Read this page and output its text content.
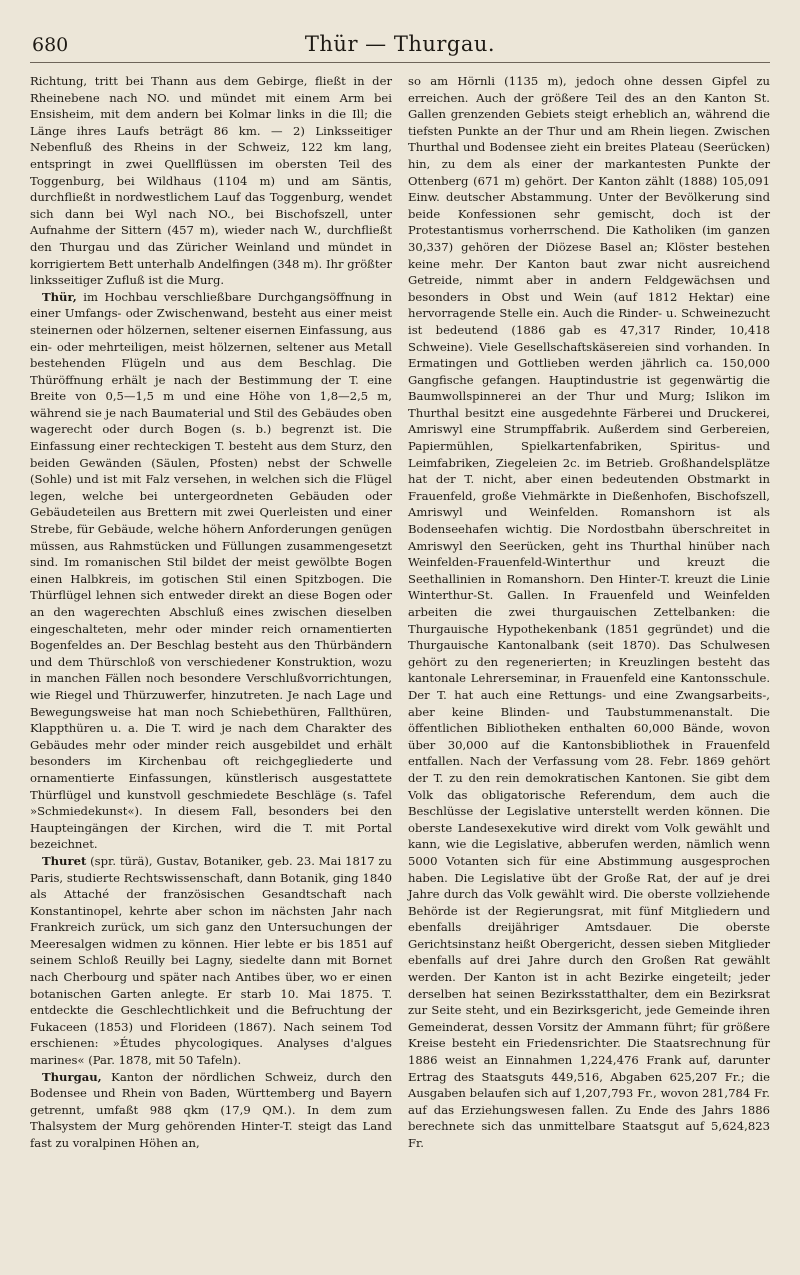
680	Thür — Thurgau.

Richtung, tritt bei Thann aus dem Gebirge, fließt in der Rheinebene nach NO. und mündet mit einem Arm bei Ensisheim, mit dem andern bei Kolmar links in die Ill; die Länge ihres Laufs beträgt 86 km. — 2) Linksseitiger Nebenfluß des Rheins in der Schweiz, 122 km lang, entspringt in zwei Quellflüssen im obersten Teil des Toggenburg, bei Wildhaus (1104 m) und am Säntis, durchfließt in nordwestlichem Lauf das Toggenburg, wendet sich dann bei Wyl nach NO., bei Bischofszell, unter Aufnahme der Sittern (457 m), wieder nach W., durchfließt den Thurgau und das Züricher Weinland und mündet in korrigiertem Bett unterhalb Andelfingen (348 m). Ihr größter linksseitiger Zufluß ist die Murg.

Thür, im Hochbau verschließbare Durchgangsöffnung in einer Umfangs- oder Zwischenwand, besteht aus einer meist steinernen oder hölzernen, seltener eisernen Einfassung, aus ein- oder mehrteiligen, meist hölzernen, seltener aus Metall bestehenden Flügeln und aus dem Beschlag. Die Thüröffnung erhält je nach der Bestimmung der T. eine Breite von 0,5—1,5 m und eine Höhe von 1,8—2,5 m, während sie je nach Baumaterial und Stil des Gebäudes oben wagerecht oder durch Bogen (s. b.) begrenzt ist. Die Einfassung einer rechteckigen T. besteht aus dem Sturz, den beiden Gewänden (Säulen, Pfosten) nebst der Schwelle (Sohle) und ist mit Falz versehen, in welchen sich die Flügel legen, welche bei untergeordneten Gebäuden oder Gebäudeteilen aus Brettern mit zwei Querleisten und einer Strebe, für Gebäude, welche höhern Anforderungen genügen müssen, aus Rahmstücken und Füllungen zusammengesetzt sind. Im romanischen Stil bildet der meist gewölbte Bogen einen Halbkreis, im gotischen Stil einen Spitzbogen. Die Thürflügel lehnen sich entweder direkt an diese Bogen oder an den wagerechten Abschluß eines zwischen dieselben eingeschalteten, mehr oder minder reich ornamentierten Bogenfeldes an. Der Beschlag besteht aus den Thürbändern und dem Thürschloß von verschiedener Konstruktion, wozu in manchen Fällen noch besondere Verschlußvorrichtungen, wie Riegel und Thürzuwerfer, hinzutreten. Je nach Lage und Bewegungsweise hat man noch Schiebethüren, Fallthüren, Klappthüren u. a. Die T. wird je nach dem Charakter des Gebäudes mehr oder minder reich ausgebildet und erhält besonders im Kirchenbau oft reichgegliederte und ornamentierte Einfassungen, künstlerisch ausgestattete Thürflügel und kunstvoll geschmiedete Beschläge (s. Tafel »Schmiedekunst«). In diesem Fall, besonders bei den Haupteingängen der Kirchen, wird die T. mit Portal bezeichnet.

Thuret (spr. türä), Gustav, Botaniker, geb. 23. Mai 1817 zu Paris, studierte Rechtswissenschaft, dann Botanik, ging 1840 als Attaché der französischen Gesandtschaft nach Konstantinopel, kehrte aber schon im nächsten Jahr nach Frankreich zurück, um sich ganz den Untersuchungen der Meeresalgen widmen zu können. Hier lebte er bis 1851 auf seinem Schloß Reuilly bei Lagny, siedelte dann mit Bornet nach Cherbourg und später nach Antibes über, wo er einen botanischen Garten anlegte. Er starb 10. Mai 1875. T. entdeckte die Geschlechtlichkeit und die Befruchtung der Fukaceen (1853) und Florideen (1867). Nach seinem Tod erschienen: »Études phycologiques. Analyses d'algues marines« (Par. 1878, mit 50 Tafeln).

Thurgau, Kanton der nördlichen Schweiz, durch den Bodensee und Rhein von Baden, Württemberg und Bayern getrennt, umfaßt 988 qkm (17,9 QM.). In dem zum Thalsystem der Murg gehörenden Hinter-T. steigt das Land fast zu voralpinen Höhen an,

so am Hörnli (1135 m), jedoch ohne dessen Gipfel zu erreichen. Auch der größere Teil des an den Kanton St. Gallen grenzenden Gebiets steigt erheblich an, während die tiefsten Punkte an der Thur und am Rhein liegen. Zwischen Thurthal und Bodensee zieht ein breites Plateau (Seerücken) hin, zu dem als einer der markantesten Punkte der Ottenberg (671 m) gehört. Der Kanton zählt (1888) 105,091 Einw. deutscher Abstammung. Unter der Bevölkerung sind beide Konfessionen sehr gemischt, doch ist der Protestantismus vorherrschend. Die Katholiken (im ganzen 30,337) gehören der Diözese Basel an; Klöster bestehen keine mehr. Der Kanton baut zwar nicht ausreichend Getreide, nimmt aber in andern Feldgewächsen und besonders in Obst und Wein (auf 1812 Hektar) eine hervorragende Stelle ein. Auch die Rinder- u. Schweinezucht ist bedeutend (1886 gab es 47,317 Rinder, 10,418 Schweine). Viele Gesellschaftskäsereien sind vorhanden. In Ermatingen und Gottlieben werden jährlich ca. 150,000 Gangfische gefangen. Hauptindustrie ist gegenwärtig die Baumwollspinnerei an der Thur und Murg; Islikon im Thurthal besitzt eine ausgedehnte Färberei und Druckerei, Amriswyl eine Strumpffabrik. Außerdem sind Gerbereien, Papiermühlen, Spielkartenfabriken, Spiritus- und Leimfabriken, Ziegeleien 2c. im Betrieb. Großhandelsplätze hat der T. nicht, aber einen bedeutenden Obstmarkt in Frauenfeld, große Viehmärkte in Dießenhofen, Bischofszell, Amriswyl und Weinfelden. Romanshorn ist als Bodenseehafen wichtig. Die Nordostbahn überschreitet in Amriswyl den Seerücken, geht ins Thurthal hinüber nach Weinfelden-Frauenfeld-Winterthur und kreuzt die Seethallinien in Romanshorn. Den Hinter-T. kreuzt die Linie Winterthur-St. Gallen. In Frauenfeld und Weinfelden arbeiten die zwei thurgauischen Zettelbanken: die Thurgauische Hypothekenbank (1851 gegründet) und die Thurgauische Kantonalbank (seit 1870). Das Schulwesen gehört zu den regenerierten; in Kreuzlingen besteht das kantonale Lehrerseminar, in Frauenfeld eine Kantonsschule. Der T. hat auch eine Rettungs- und eine Zwangsarbeits-, aber keine Blinden- und Taubstummenanstalt. Die öffentlichen Bibliotheken enthalten 60,000 Bände, wovon über 30,000 auf die Kantonsbibliothek in Frauenfeld entfallen. Nach der Verfassung vom 28. Febr. 1869 gehört der T. zu den rein demokratischen Kantonen. Sie gibt dem Volk das obligatorische Referendum, dem auch die Beschlüsse der Legislative unterstellt werden können. Die oberste Landesexekutive wird direkt vom Volk gewählt und kann, wie die Legislative, abberufen werden, nämlich wenn 5000 Votanten sich für eine Abstimmung ausgesprochen haben. Die Legislative übt der Große Rat, der auf je drei Jahre durch das Volk gewählt wird. Die oberste vollziehende Behörde ist der Regierungsrat, mit fünf Mitgliedern und ebenfalls dreijähriger Amtsdauer. Die oberste Gerichtsinstanz heißt Obergericht, dessen sieben Mitglieder ebenfalls auf drei Jahre durch den Großen Rat gewählt werden. Der Kanton ist in acht Bezirke eingeteilt; jeder derselben hat seinen Bezirksstatthalter, dem ein Bezirksrat zur Seite steht, und ein Bezirksgericht, jede Gemeinde ihren Gemeinderat, dessen Vorsitz der Ammann führt; für größere Kreise besteht ein Friedensrichter. Die Staatsrechnung für 1886 weist an Einnahmen 1,224,476 Frank auf, darunter Ertrag des Staatsguts 449,516, Abgaben 625,207 Fr.; die Ausgaben belaufen sich auf 1,207,793 Fr., wovon 281,784 Fr. auf das Erziehungswesen fallen. Zu Ende des Jahrs 1886 berechnete sich das unmittelbare Staatsgut auf 5,624,823 Fr.
